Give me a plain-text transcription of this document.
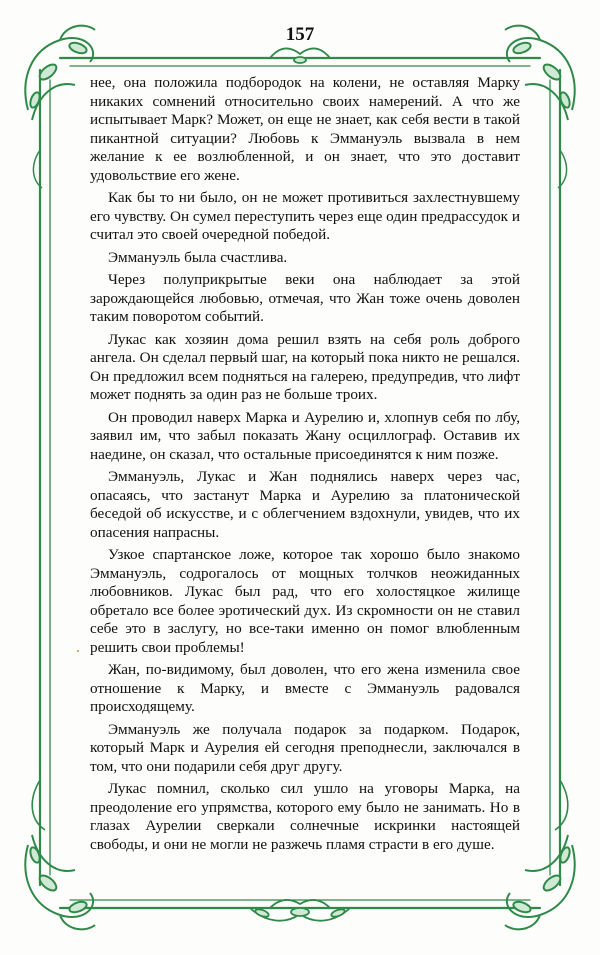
157

нее, она положила подбородок на колени, не оставляя Марку никаких сомнений относительно своих намерений. А что же испытывает Марк? Может, он еще не знает, как себя вести в такой пикантной ситуации? Любовь к Эммануэль вызвала в нем желание к ее возлюбленной, и он знает, что это доставит удовольствие его жене.

Как бы то ни было, он не может противиться захлестнувшему его чувству. Он сумел переступить через еще один предрассудок и считал это своей очередной победой.

Эммануэль была счастлива.

Через полуприкрытые веки она наблюдает за этой зарождающейся любовью, отмечая, что Жан тоже очень доволен таким поворотом событий.

Лукас как хозяин дома решил взять на себя роль доброго ангела. Он сделал первый шаг, на который пока никто не решался. Он предложил всем подняться на галерею, предупредив, что лифт может поднять за один раз не больше троих.

Он проводил наверх Марка и Аурелию и, хлопнув себя по лбу, заявил им, что забыл показать Жану осциллограф. Оставив их наедине, он сказал, что остальные присоединятся к ним позже.

Эммануэль, Лукас и Жан поднялись наверх через час, опасаясь, что застанут Марка и Аурелию за платонической беседой об искусстве, и с облегчением вздохнули, увидев, что их опасения напрасны.

Узкое спартанское ложе, которое так хорошо было знакомо Эммануэль, содрогалось от мощных толчков неожиданных любовников. Лукас был рад, что его холостяцкое жилище обретало все более эротический дух. Из скромности он не ставил себе это в заслугу, но все-таки именно он помог влюбленным решить свои проблемы!

Жан, по-видимому, был доволен, что его жена изменила свое отношение к Марку, и вместе с Эммануэль радовался происходящему.

Эммануэль же получала подарок за подарком. Подарок, который Марк и Аурелия ей сегодня преподнесли, заключался в том, что они подарили себя друг другу.

Лукас помнил, сколько сил ушло на уговоры Марка, на преодоление его упрямства, которого ему было не занимать. Но в глазах Аурелии сверкали солнечные искринки настоящей свободы, и они не могли не разжечь пламя страсти в его душе.
